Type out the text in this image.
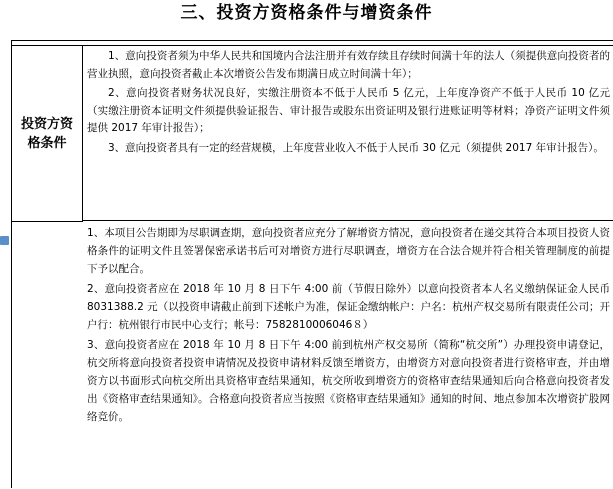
三、投资方资格条件与增资条件
投资方资格条件

1、意向投资者须为中华人民共和国境内合法注册并有效存续且存续时间满十年的法人（须提供意向投资者的营业执照，意向投资者截止本次增资公告发布期满日成立时间满十年）；

2、意向投资者财务状况良好，实缴注册资本不低于人民币 5 亿元，上年度净资产不低于人民币 10 亿元（实缴注册资本证明文件须提供验证报告、审计报告或股东出资证明及银行进账证明等材料；净资产证明文件须提供 2017 年审计报告）；

3、意向投资者具有一定的经营规模，上年度营业收入不低于人民币 30 亿元（须提供 2017 年审计报告）。

1、本项目公告期即为尽职调查期，意向投资者应充分了解增资方情况，意向投资者在递交其符合本项目投资人资格条件的证明文件且签署保密承诺书后可对增资方进行尽职调查，增资方在合法合规并符合相关管理制度的前提下予以配合。

2、意向投资者应在 2018 年 10 月 8 日下午 4:00 前（节假日除外）以意向投资者本人名义缴纳保证金人民币 8031388.2 元（以投资申请截止前到下述帐户为准，保证金缴纳帐户：户名：杭州产权交易所有限责任公司；开户行：杭州银行市民中心支行；帐号：7582810006046８）

3、意向投资者应在 2018 年 10 月 8 日下午 4:00 前到杭州产权交易所（简称“杭交所”）办理投资申请登记，杭交所将意向投资者投资申请情况及投资申请材料反馈至增资方，由增资方对意向投资者进行资格审查，并由增资方以书面形式向杭交所出具资格审查结果通知，杭交所收到增资方的资格审查结果通知后向合格意向投资者发出《资格审查结果通知》。合格意向投资者应当按照《资格审查结果通知》通知的时间、地点参加本次增资扩股网络竞价。
